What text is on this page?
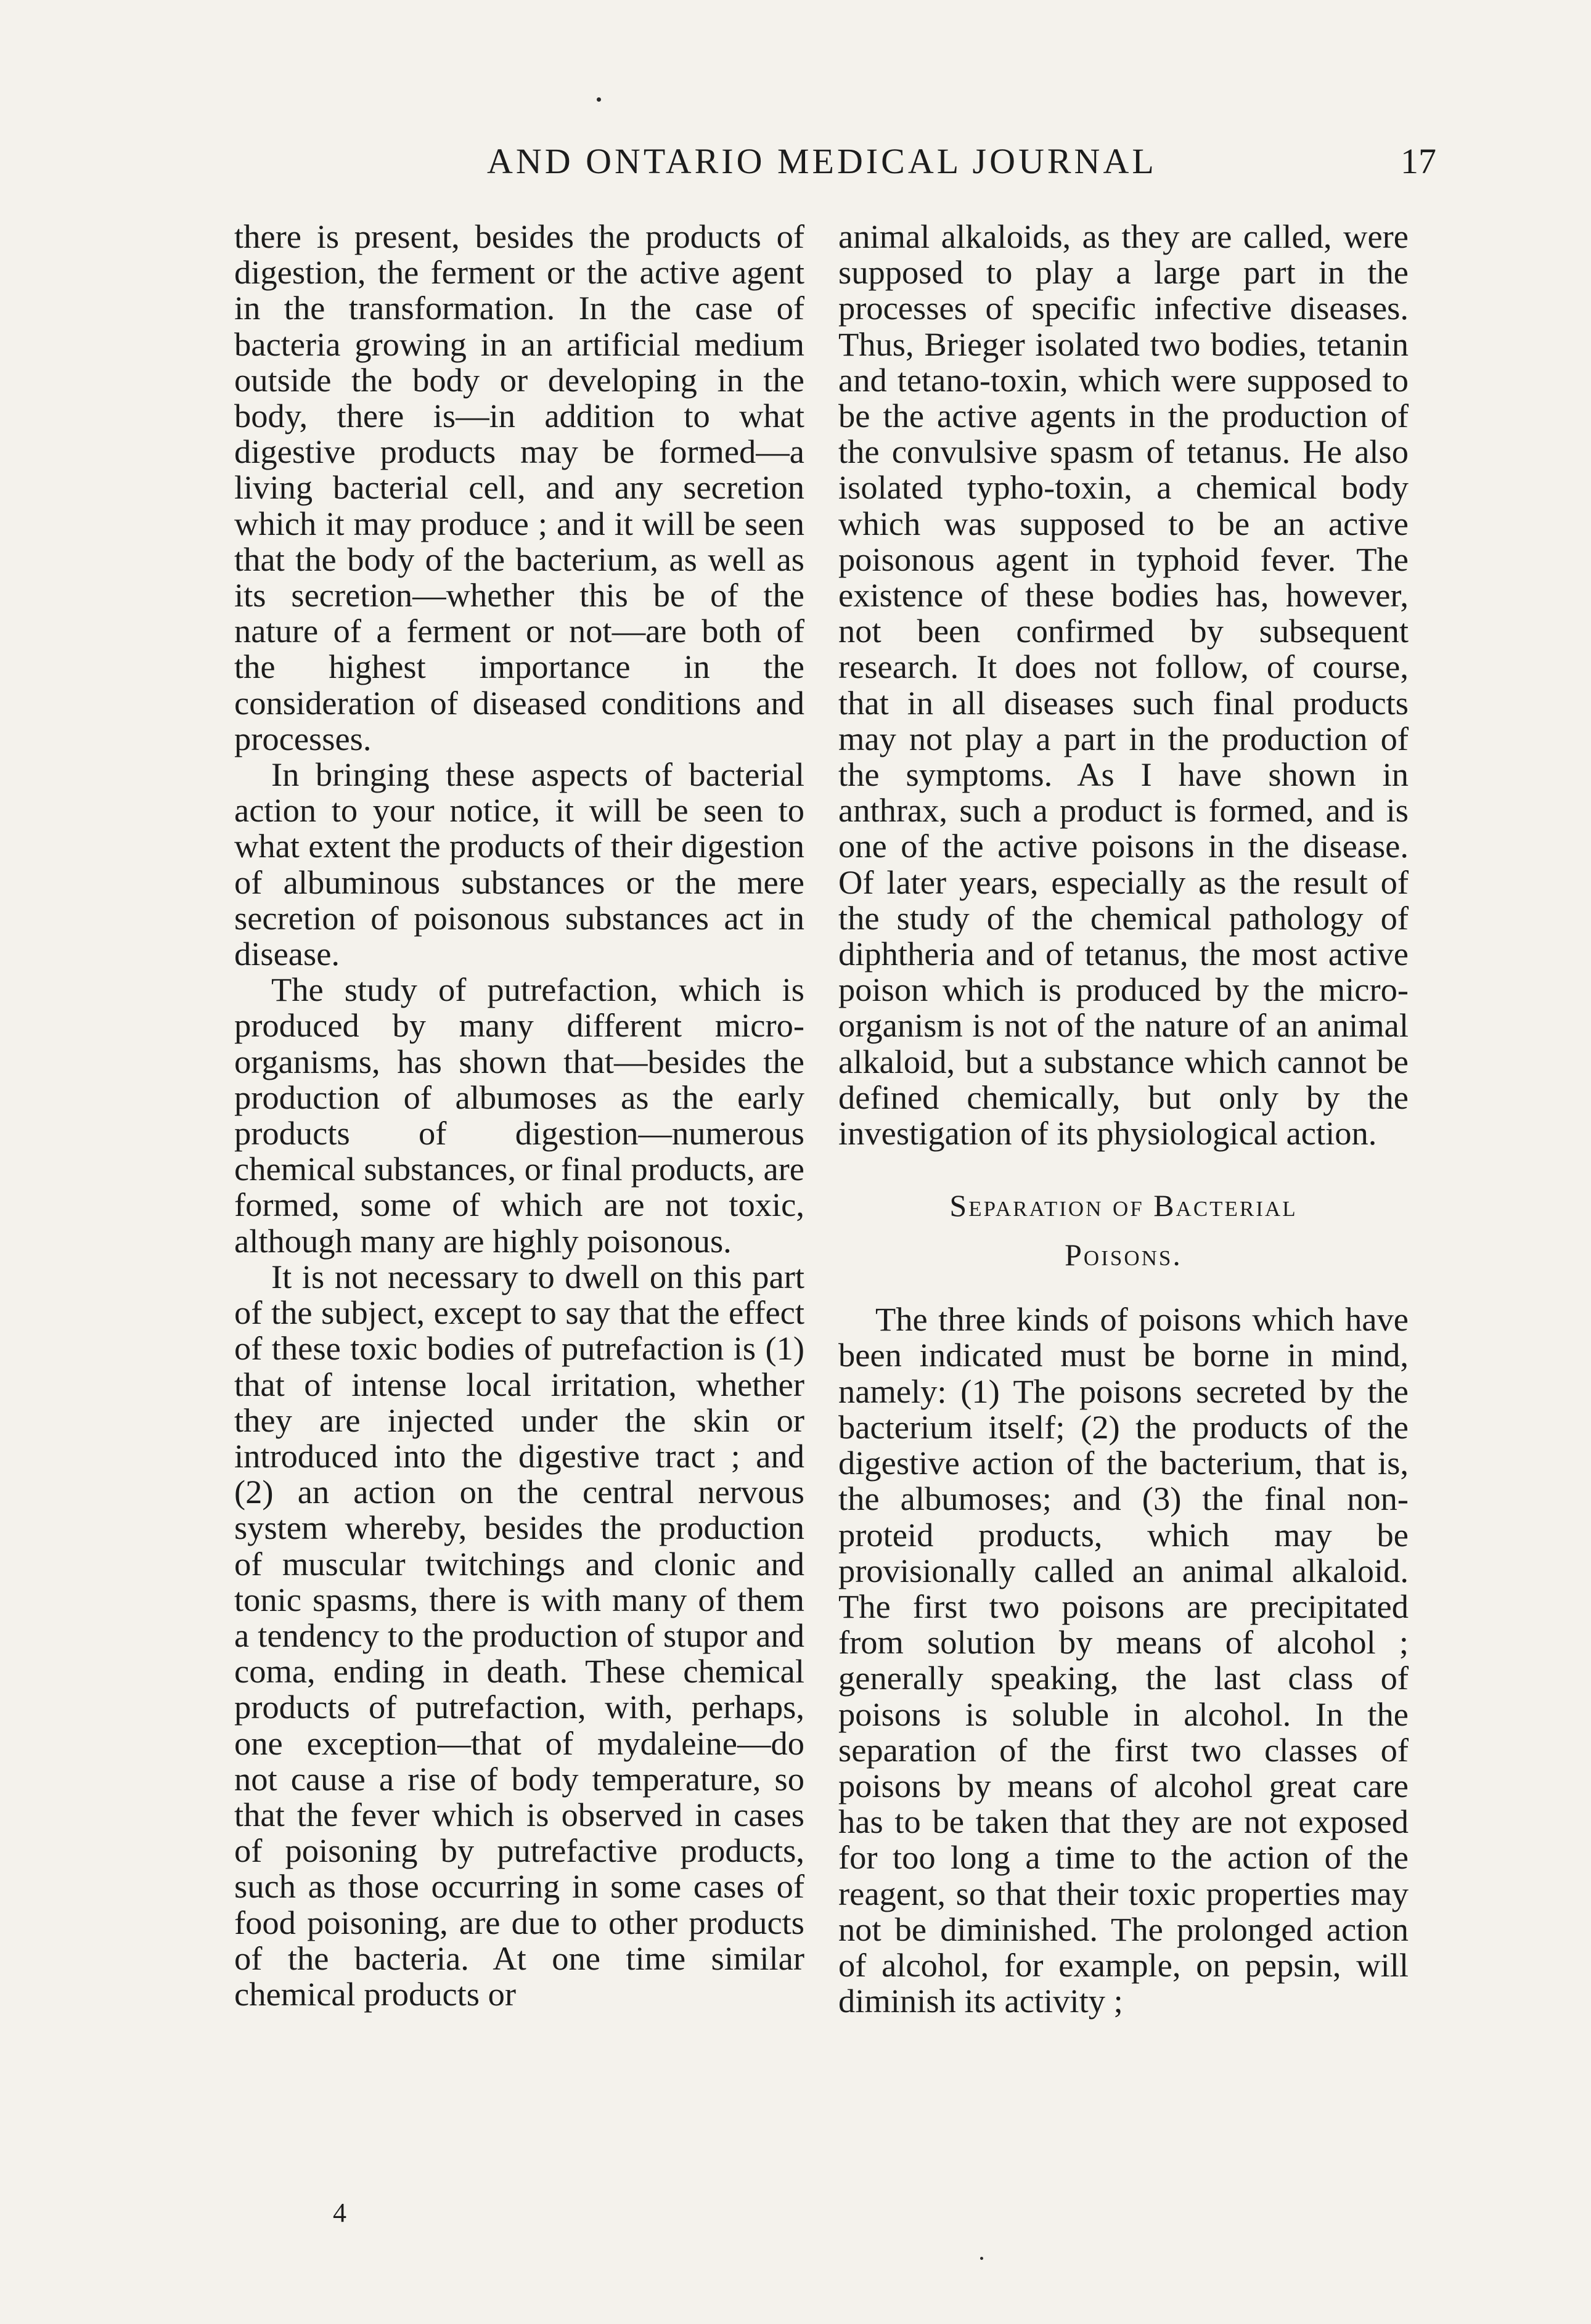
AND ONTARIO MEDICAL JOURNAL	17

there is present, besides the products of digestion, the ferment or the active agent in the transformation. In the case of bacteria growing in an artificial medium outside the body or developing in the body, there is—in addition to what digestive products may be formed—a living bacterial cell, and any secretion which it may produce ; and it will be seen that the body of the bacterium, as well as its secretion—whether this be of the nature of a ferment or not—are both of the highest importance in the consideration of diseased conditions and processes.

In bringing these aspects of bacterial action to your notice, it will be seen to what extent the products of their digestion of albuminous substances or the mere secretion of poisonous substances act in disease.

The study of putrefaction, which is produced by many different micro-organisms, has shown that—besides the production of albumoses as the early products of digestion—numerous chemical substances, or final products, are formed, some of which are not toxic, although many are highly poisonous.

It is not necessary to dwell on this part of the subject, except to say that the effect of these toxic bodies of putrefaction is (1) that of intense local irritation, whether they are injected under the skin or introduced into the digestive tract ; and (2) an action on the central nervous system whereby, besides the production of muscular twitchings and clonic and tonic spasms, there is with many of them a tendency to the production of stupor and coma, ending in death. These chemical products of putrefaction, with, perhaps, one exception—that of mydaleine—do not cause a rise of body temperature, so that the fever which is observed in cases of poisoning by putrefactive products, such as those occurring in some cases of food poisoning, are due to other products of the bacteria. At one time similar chemical products or

animal alkaloids, as they are called, were supposed to play a large part in the processes of specific infective diseases. Thus, Brieger isolated two bodies, tetanin and tetano-toxin, which were supposed to be the active agents in the production of the convulsive spasm of tetanus. He also isolated typho-toxin, a chemical body which was supposed to be an active poisonous agent in typhoid fever. The existence of these bodies has, however, not been confirmed by subsequent research. It does not follow, of course, that in all diseases such final products may not play a part in the production of the symptoms. As I have shown in anthrax, such a product is formed, and is one of the active poisons in the disease. Of later years, especially as the result of the study of the chemical pathology of diphtheria and of tetanus, the most active poison which is produced by the micro-organism is not of the nature of an animal alkaloid, but a substance which cannot be defined chemically, but only by the investigation of its physiological action.

Separation of Bacterial
Poisons.

The three kinds of poisons which have been indicated must be borne in mind, namely: (1) The poisons secreted by the bacterium itself; (2) the products of the digestive action of the bacterium, that is, the albumoses; and (3) the final non-proteid products, which may be provisionally called an animal alkaloid. The first two poisons are precipitated from solution by means of alcohol ; generally speaking, the last class of poisons is soluble in alcohol. In the separation of the first two classes of poisons by means of alcohol great care has to be taken that they are not exposed for too long a time to the action of the reagent, so that their toxic properties may not be diminished. The prolonged action of alcohol, for example, on pepsin, will diminish its activity ;

4
